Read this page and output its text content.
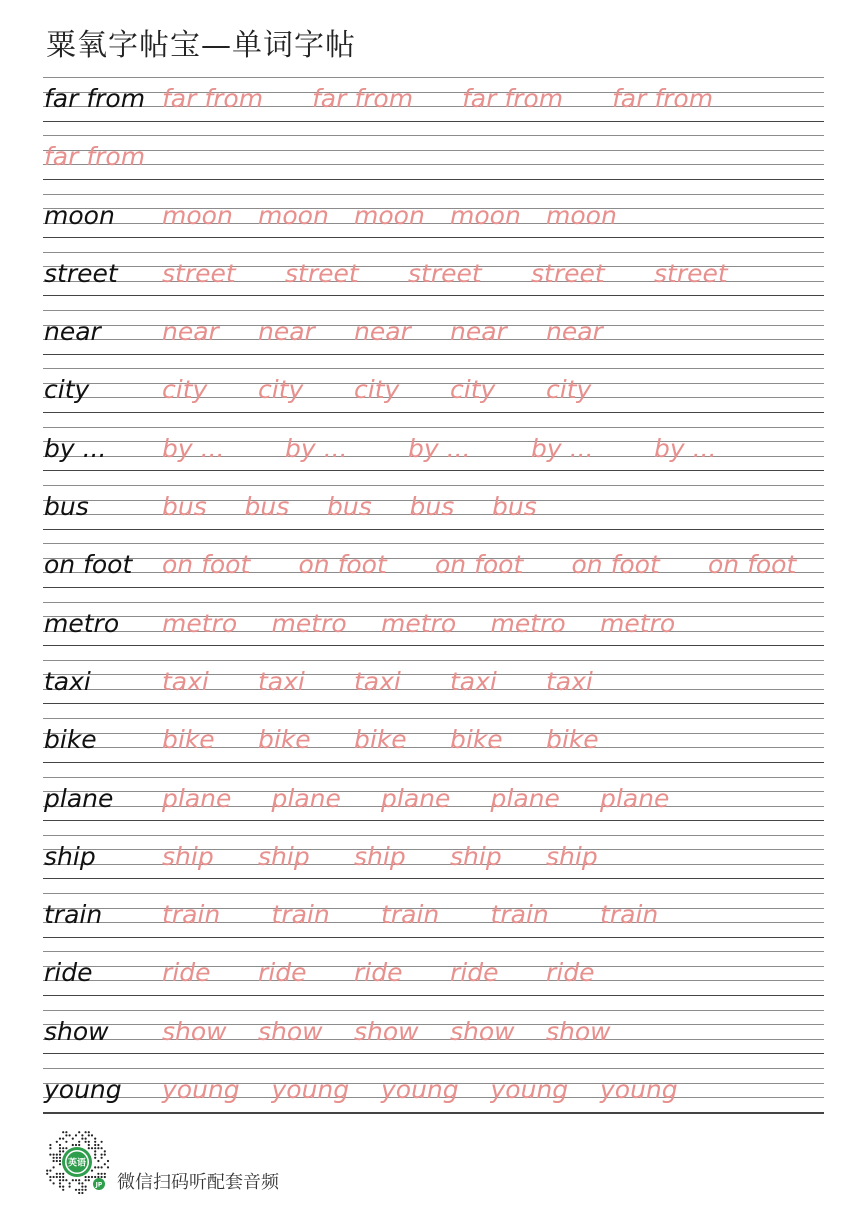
粟氧字帖宝—单词字帖
far from far from far from far from far from
far from
moon moon moon moon moon moon
street street street street street street
near near near near near near
city	city city city city city
by ... by ... by ... by ... by ... by ...
bus	bus bus bus bus bus
on foot on foot on foot on foot on foot on foot
metro metro metro metro metro metro
taxi	taxi taxi taxi taxi taxi
bike	bike bike bike bike bike
plane plane plane plane plane plane
ship	ship ship ship ship ship
train train train train train train
ride	ride ride ride ride ride
show show show show show show
young young young young young young
英语
JP 微信扫码听配套音频
